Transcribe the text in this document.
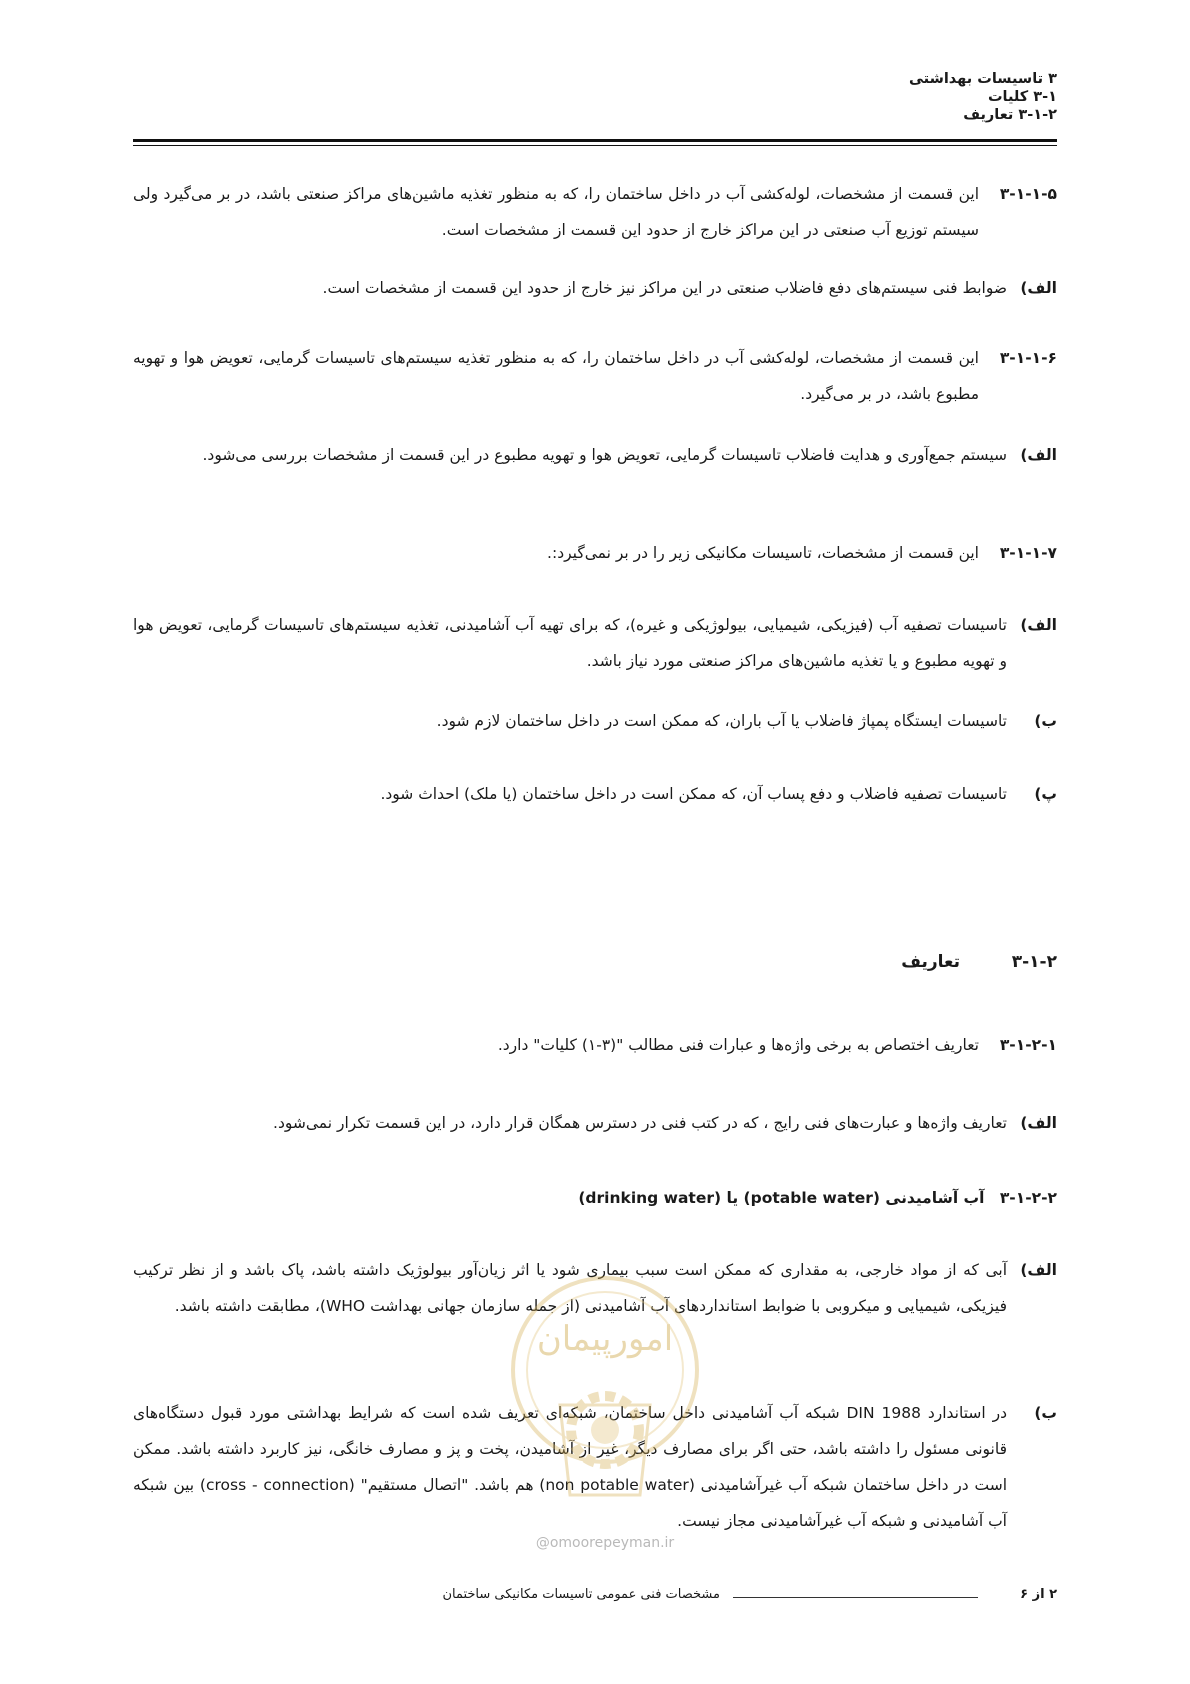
۳ تاسیسات بهداشتی
۳-۱ کلیات
۳-۱-۲ تعاریف
۳-۱-۱-۵
این قسمت از مشخصات، لوله‌کشی آب در داخل ساختمان را، که به منظور تغذیه ماشین‌های مراکز صنعتی باشد، در بر می‌گیرد ولی سیستم توزیع آب صنعتی در این مراکز خارج از حدود این قسمت از مشخصات است.
الف)
ضوابط فنی سیستم‌های دفع فاضلاب صنعتی در این مراکز نیز خارج از حدود این قسمت از مشخصات است.
۳-۱-۱-۶
این قسمت از مشخصات، لوله‌کشی آب در داخل ساختمان را، که به منظور تغذیه سیستم‌های تاسیسات گرمایی، تعویض هوا و تهویه مطبوع باشد، در بر می‌گیرد.
الف)
سیستم جمع‌آوری و هدایت فاضلاب تاسیسات گرمایی، تعویض هوا و تهویه مطبوع در این قسمت از مشخصات بررسی می‌شود.
۳-۱-۱-۷
این قسمت از مشخصات، تاسیسات مکانیکی زیر را در بر نمی‌گیرد:.
الف)
تاسیسات تصفیه آب (فیزیکی، شیمیایی، بیولوژیکی و غیره)، که برای تهیه آب آشامیدنی، تغذیه سیستم‌های تاسیسات گرمایی، تعویض هوا و تهویه مطبوع و یا تغذیه ماشین‌های مراکز صنعتی مورد نیاز باشد.
ب)
تاسیسات ایستگاه پمپاژ فاضلاب یا آب باران، که ممکن است در داخل ساختمان لازم شود.
پ)
تاسیسات تصفیه فاضلاب و دفع پساب آن، که ممکن است در داخل ساختمان (یا ملک) احداث شود.
۳-۱-۲
تعاریف
۳-۱-۲-۱
تعاریف اختصاص به برخی واژه‌ها و عبارات فنی مطالب "(۳-۱) کلیات" دارد.
الف)
تعاریف واژه‌ها و عبارت‌های فنی رایج ، که در کتب فنی در دسترس همگان قرار دارد، در این قسمت تکرار نمی‌شود.
۳-۱-۲-۲ آب آشامیدنی (potable water) یا (drinking water)
الف)
آبی که از مواد خارجی، به مقداری که ممکن است سبب بیماری شود یا اثر زیان‌آور بیولوژیک داشته باشد، پاک باشد و از نظر ترکیب فیزیکی، شیمیایی و میکروبی با ضوابط استانداردهای آب آشامیدنی (از جمله سازمان جهانی بهداشت WHO)، مطابقت داشته باشد.
ب)
در استاندارد DIN 1988 شبکه آب آشامیدنی داخل ساختمان، شبکه‌ای تعریف شده است که شرایط بهداشتی مورد قبول دستگاه‌های قانونی مسئول را داشته باشد، حتی اگر برای مصارف دیگر، غیر از آشامیدن، پخت و پز و مصارف خانگی، نیز کاربرد داشته باشد. ممکن است در داخل ساختمان شبکه آب غیرآشامیدنی (non potable water) هم باشد. "اتصال مستقیم" (cross - connection) بین شبکه آب آشامیدنی و شبکه آب غیرآشامیدنی مجاز نیست.
امورپیمان
@omoorepeyman.ir
۲ از ۶
مشخصات فنی عمومی تاسیسات مکانیکی ساختمان
